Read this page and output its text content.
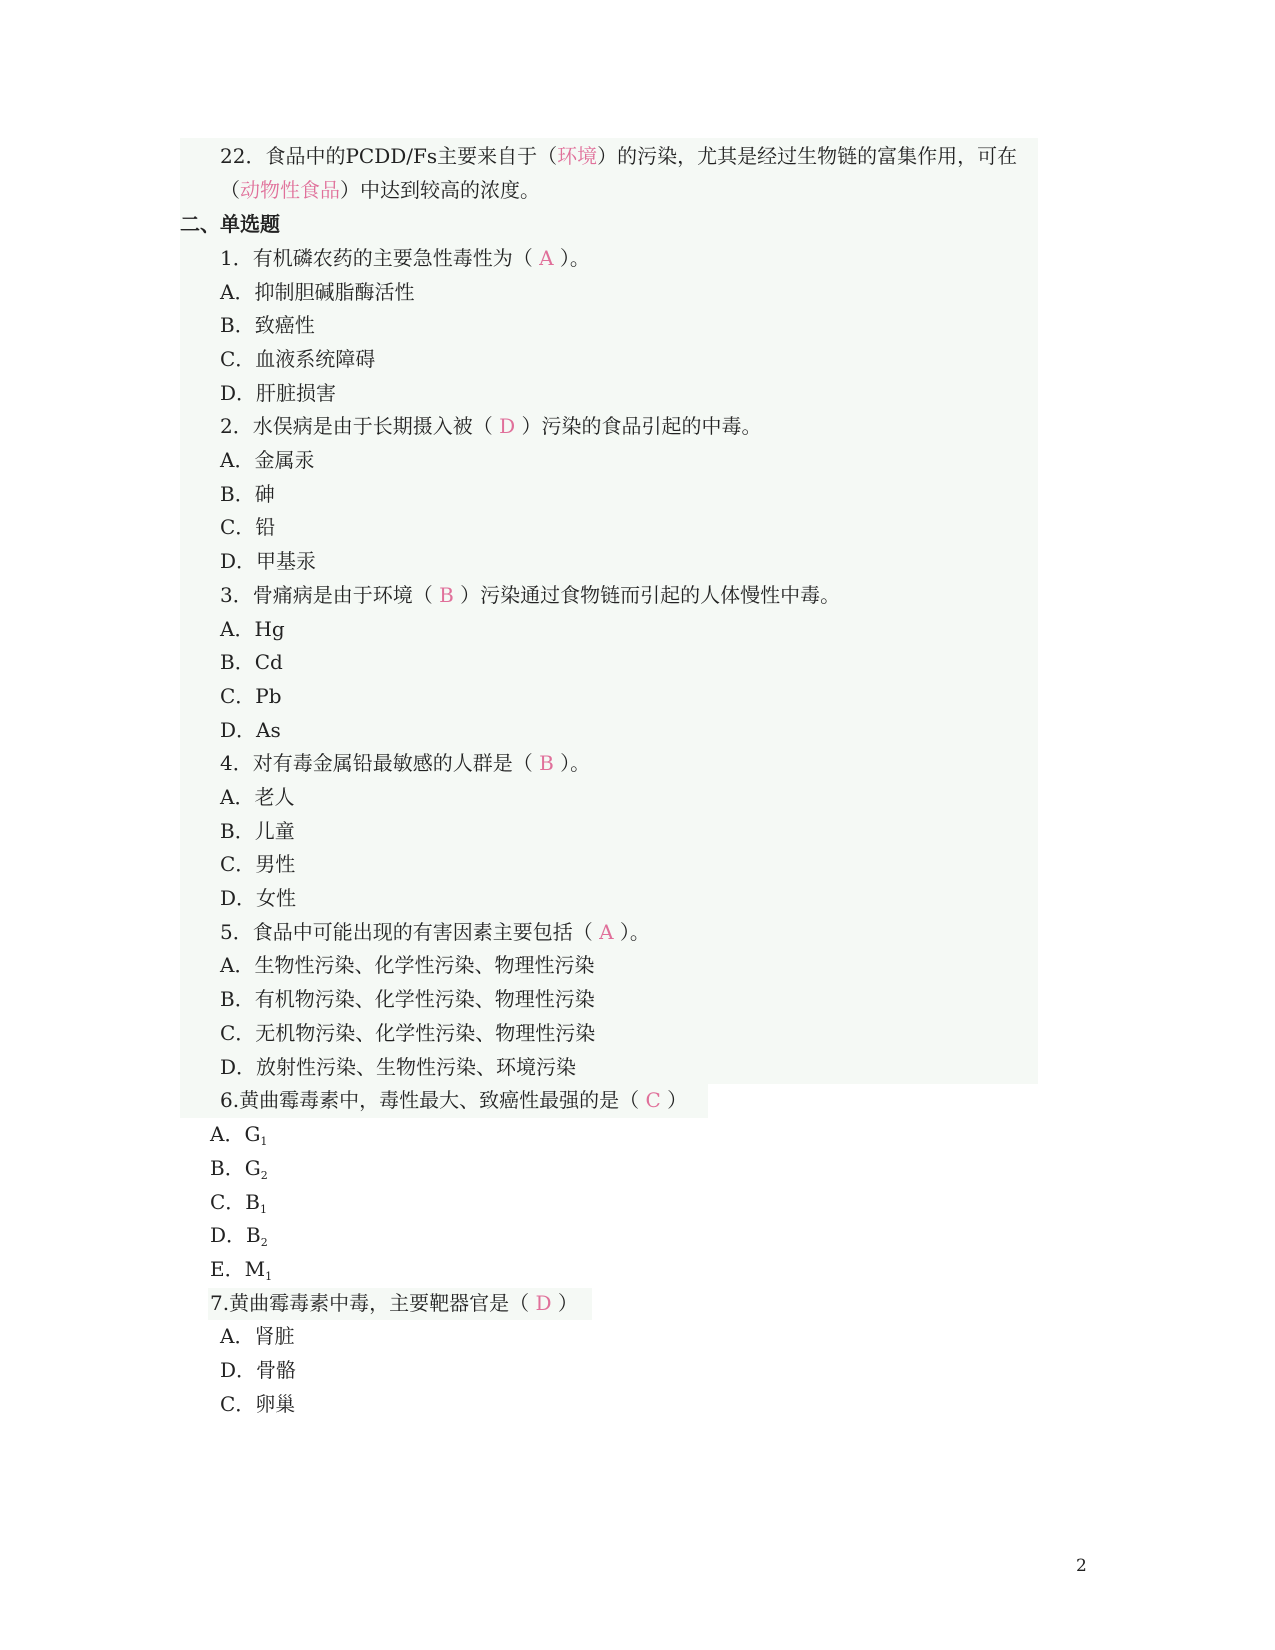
22．食品中的PCDD/Fs主要来自于（环境）的污染，尤其是经过生物链的富集作用，可在
（动物性食品）中达到较高的浓度。
二、单选题
1．有机磷农药的主要急性毒性为（ A ）。
A．抑制胆碱脂酶活性
B．致癌性
C．血液系统障碍
D．肝脏损害
2．水俣病是由于长期摄入被（ D ）污染的食品引起的中毒。
A．金属汞
B．砷
C．铅
D．甲基汞
3．骨痛病是由于环境（ B ）污染通过食物链而引起的人体慢性中毒。
A．Hg
B．Cd
C．Pb
D．As
4．对有毒金属铅最敏感的人群是（ B ）。
A．老人
B．儿童
C．男性
D．女性
5．食品中可能出现的有害因素主要包括（ A ）。
A．生物性污染、化学性污染、物理性污染
B．有机物污染、化学性污染、物理性污染
C．无机物污染、化学性污染、物理性污染
D．放射性污染、生物性污染、环境污染
6.黄曲霉毒素中，毒性最大、致癌性最强的是（ C ）
A．$G_1$
B．$G_2$
C．$B_1$
D．$B_2$
E．$M_1$
7.黄曲霉毒素中毒，主要靶器官是（ D ）
A．肾脏
D．骨骼
C．卵巢
2
